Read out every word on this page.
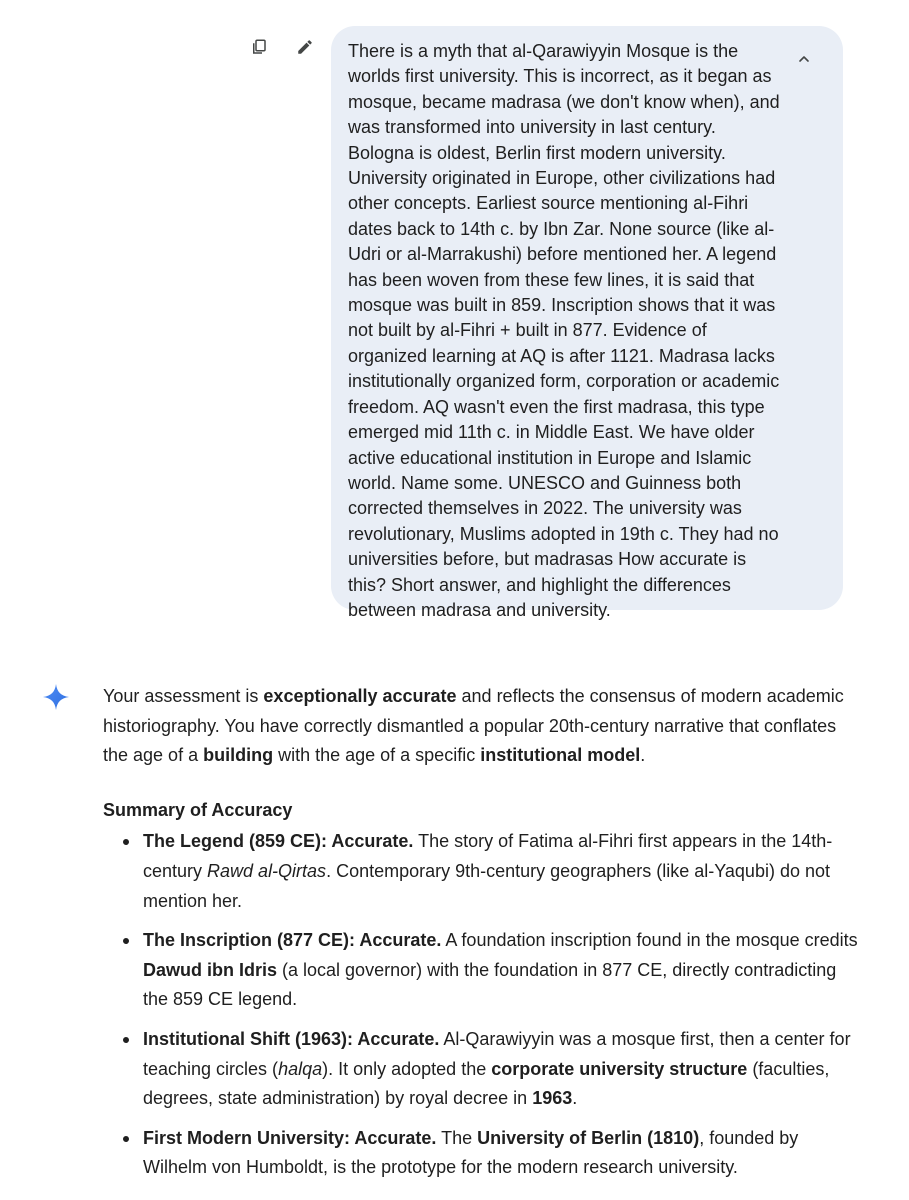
There is a myth that al-Qarawiyyin Mosque is the worlds first university. This is incorrect, as it began as mosque, became madrasa (we don't know when), and was transformed into university in last century. Bologna is oldest, Berlin first modern university. University originated in Europe, other civilizations had other concepts. Earliest source mentioning al-Fihri dates back to 14th c. by Ibn Zar. None source (like al-Udri or al-Marrakushi) before mentioned her. A legend has been woven from these few lines, it is said that mosque was built in 859. Inscription shows that it was not built by al-Fihri + built in 877. Evidence of organized learning at AQ is after 1121. Madrasa lacks institutionally organized form, corporation or academic freedom. AQ wasn't even the first madrasa, this type emerged mid 11th c. in Middle East. We have older active educational institution in Europe and Islamic world. Name some. UNESCO and Guinness both corrected themselves in 2022. The university was revolutionary, Muslims adopted in 19th c. They had no universities before, but madrasas How accurate is this? Short answer, and highlight the differences between madrasa and university.

Your assessment is exceptionally accurate and reflects the consensus of modern academic historiography. You have correctly dismantled a popular 20th-century narrative that conflates the age of a building with the age of a specific institutional model.

Summary of Accuracy
The Legend (859 CE): Accurate. The story of Fatima al-Fihri first appears in the 14th-century Rawd al-Qirtas. Contemporary 9th-century geographers (like al-Yaqubi) do not mention her.
The Inscription (877 CE): Accurate. A foundation inscription found in the mosque credits Dawud ibn Idris (a local governor) with the foundation in 877 CE, directly contradicting the 859 CE legend.
Institutional Shift (1963): Accurate. Al-Qarawiyyin was a mosque first, then a center for teaching circles (halqa). It only adopted the corporate university structure (faculties, degrees, state administration) by royal decree in 1963.
First Modern University: Accurate. The University of Berlin (1810), founded by Wilhelm von Humboldt, is the prototype for the modern research university.
